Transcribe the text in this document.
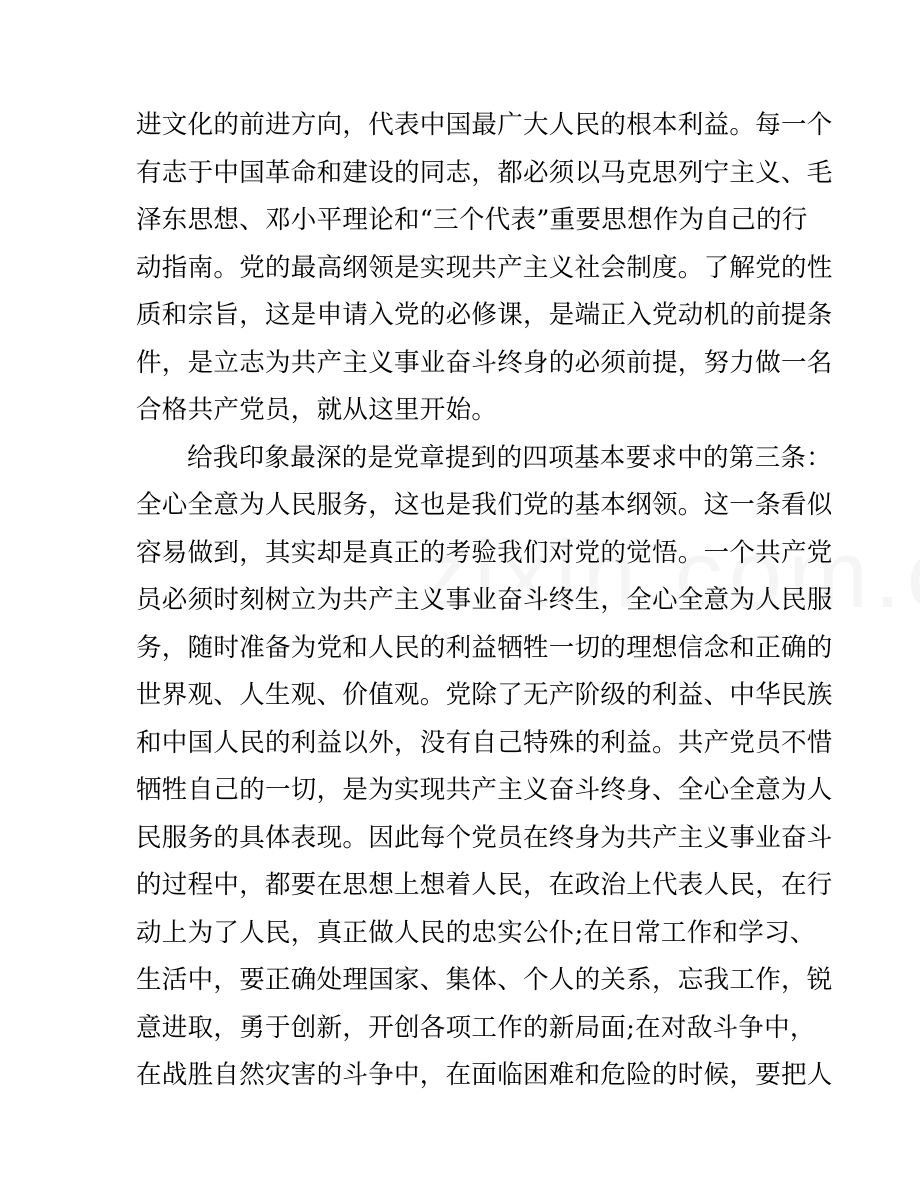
进文化的前进方向，代表中国最广大人民的根本利益。每一个
有志于中国革命和建设的同志，都必须以马克思列宁主义、毛
泽东思想、邓小平理论和“三个代表”重要思想作为自己的行
动指南。党的最高纲领是实现共产主义社会制度。了解党的性
质和宗旨，这是申请入党的必修课，是端正入党动机的前提条
件，是立志为共产主义事业奋斗终身的必须前提，努力做一名
合格共产党员，就从这里开始。
给我印象最深的是党章提到的四项基本要求中的第三条：
全心全意为人民服务，这也是我们党的基本纲领。这一条看似
容易做到，其实却是真正的考验我们对党的觉悟。一个共产党
员必须时刻树立为共产主义事业奋斗终生，全心全意为人民服
务，随时准备为党和人民的利益牺牲一切的理想信念和正确的
世界观、人生观、价值观。党除了无产阶级的利益、中华民族
和中国人民的利益以外，没有自己特殊的利益。共产党员不惜
牺牲自己的一切，是为实现共产主义奋斗终身、全心全意为人
民服务的具体表现。因此每个党员在终身为共产主义事业奋斗
的过程中，都要在思想上想着人民，在政治上代表人民，在行
动上为了人民，真正做人民的忠实公仆;在日常工作和学习、
生活中，要正确处理国家、集体、个人的关系，忘我工作，锐
意进取，勇于创新，开创各项工作的新局面;在对敌斗争中，
在战胜自然灾害的斗争中，在面临困难和危险的时候，要把人
